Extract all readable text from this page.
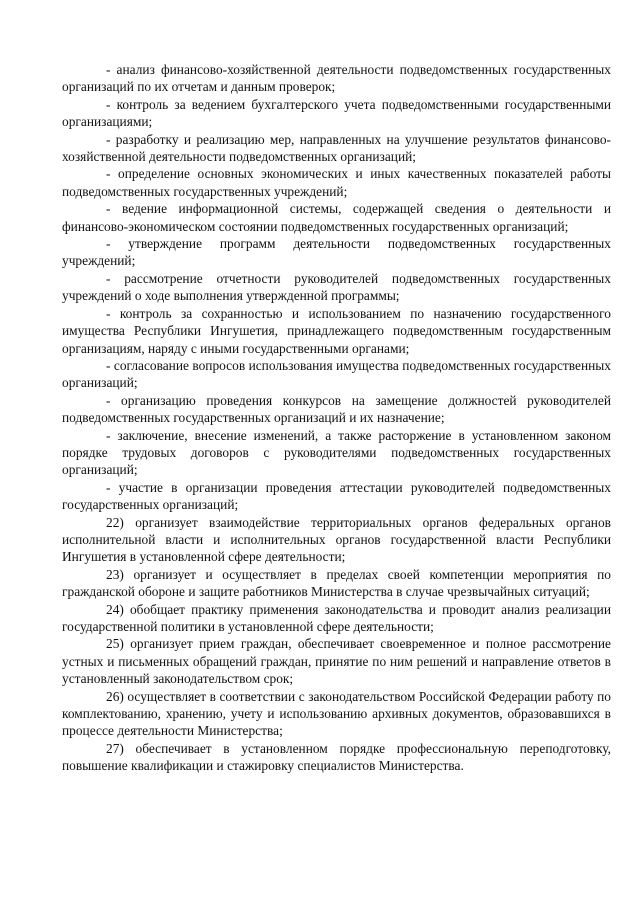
- анализ финансово-хозяйственной деятельности подведомственных государственных организаций по их отчетам и данным проверок;

- контроль за ведением бухгалтерского учета подведомственными государственными организациями;

- разработку и реализацию мер, направленных на улучшение результатов финансово-хозяйственной деятельности подведомственных организаций;

- определение основных экономических и иных качественных показателей работы подведомственных государственных учреждений;

- ведение информационной системы, содержащей сведения о деятельности и финансово-экономическом состоянии подведомственных государственных организаций;

- утверждение программ деятельности подведомственных государственных учреждений;

- рассмотрение отчетности руководителей подведомственных государственных учреждений о ходе выполнения утвержденной программы;

- контроль за сохранностью и использованием по назначению государственного имущества Республики Ингушетия, принадлежащего подведомственным государственным организациям, наряду с иными государственными органами;

- согласование вопросов использования имущества подведомственных государственных организаций;

- организацию проведения конкурсов на замещение должностей руководителей подведомственных государственных организаций и их назначение;

- заключение, внесение изменений, а также расторжение в установленном законом порядке трудовых договоров с руководителями подведомственных государственных организаций;

- участие в организации проведения аттестации руководителей подведомственных государственных организаций;

22) организует взаимодействие территориальных органов федеральных органов исполнительной власти и исполнительных органов государственной власти Республики Ингушетия в установленной сфере деятельности;

23) организует и осуществляет в пределах своей компетенции мероприятия по гражданской обороне и защите работников Министерства в случае чрезвычайных ситуаций;

24) обобщает практику применения законодательства и проводит анализ реализации государственной политики в установленной сфере деятельности;

25) организует прием граждан, обеспечивает своевременное и полное рассмотрение устных и письменных обращений граждан, принятие по ним решений и направление ответов в установленный законодательством срок;

26) осуществляет в соответствии с законодательством Российской Федерации работу по комплектованию, хранению, учету и использованию архивных документов, образовавшихся в процессе деятельности Министерства;

27) обеспечивает в установленном порядке профессиональную переподготовку, повышение квалификации и стажировку специалистов Министерства.
